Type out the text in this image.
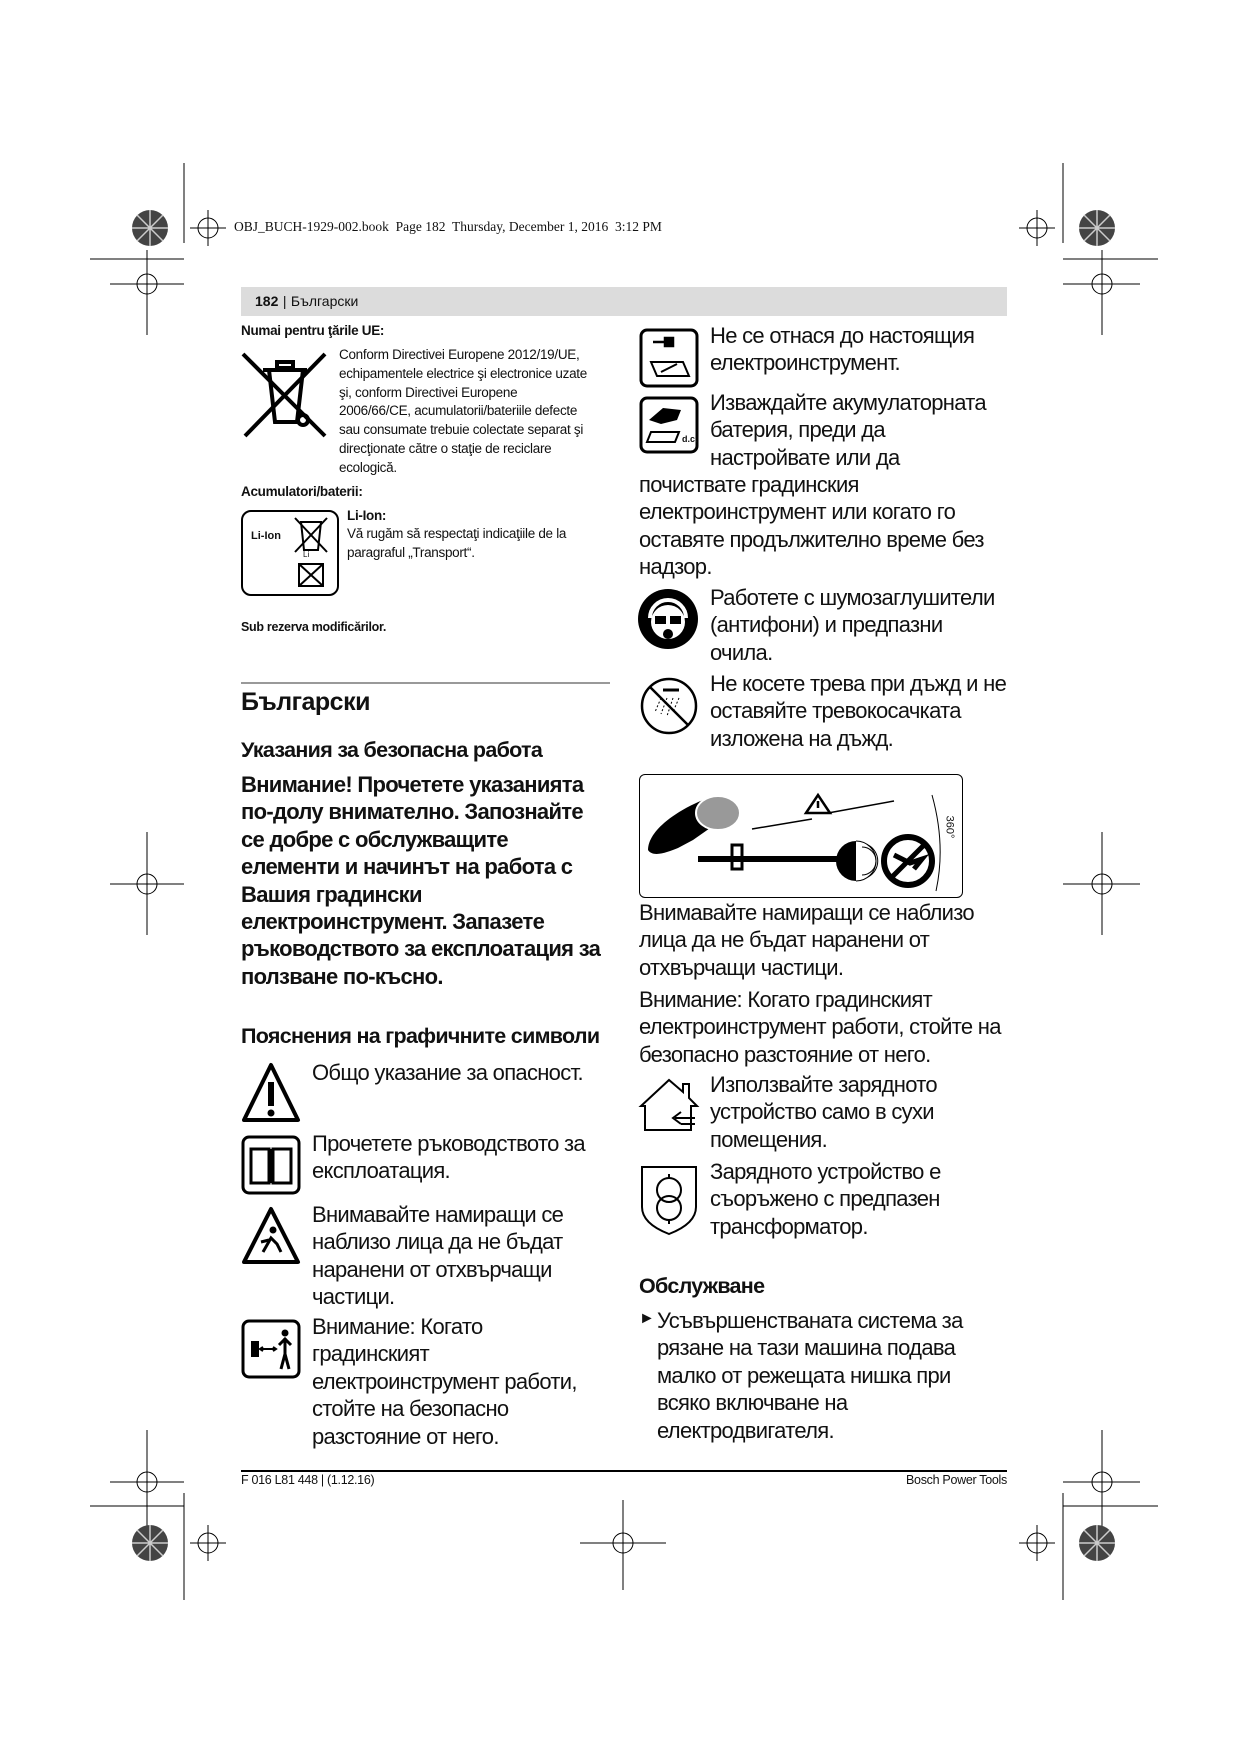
OBJ_BUCH-1929-002.book  Page 182  Thursday, December 1, 2016  3:12 PM
182 | Български
Numai pentru ţările UE:
Conform Directivei Europene 2012/19/UE,
echipamentele electrice şi electronice uzate
şi, conform Directivei Europene
2006/66/CE, acumulatorii/bateriile defecte
sau consumate trebuie colectate separat şi
direcţionate către o staţie de reciclare
ecologică.
Acumulatori/baterii:
Li-Ion
Li
Li-Ion:
Vă rugăm să respectaţi indicaţiile de la
paragraful „Transport“.
Sub rezerva modificărilor.
Български
Указания за безопасна работа
Внимание! Прочетете указанията
по-долу внимателно. Запознайте
се добре с обслужващите
елементи и начинът на работа с
Вашия градински
електроинструмент. Запазете
ръководството за експлоатация за
ползване по-късно.
Пояснения на графичните символи
Общо указание за опасност.
Прочетете ръководството за
експлоатация.
Внимавайте намиращи се
наблизо лица да не бъдат
наранени от отхвърчащи
частици.
Внимание: Когато
градинският
електроинструмент работи,
стойте на безопасно
разстояние от него.
Не се отнася до настоящия
електроинструмент.
d.c.
Изваждайте акумулаторната
батерия, преди да
настройвате или да
почиствате градинския
електроинструмент или когато го
оставяте продължително време без
надзор.
Работете с шумозаглушители
(антифони) и предпазни
очила.
Не косете трева при дъжд и не
оставяйте тревокосачката
изложена на дъжд.
360°
Внимавайте намиращи се наблизо
лица да не бъдат наранени от
отхвърчащи частици.
Внимание: Когато градинският
електроинструмент работи, стойте на
безопасно разстояние от него.
Използвайте зарядното
устройство само в сухи
помещения.
Зарядното устройство е
съоръжено с предпазен
трансформатор.
Обслужване
► Усъвършенстваната система за
рязане на тази машина подава
малко от режещата нишка при
всяко включване на
електродвигателя.
F 016 L81 448 | (1.12.16)	Bosch Power Tools
